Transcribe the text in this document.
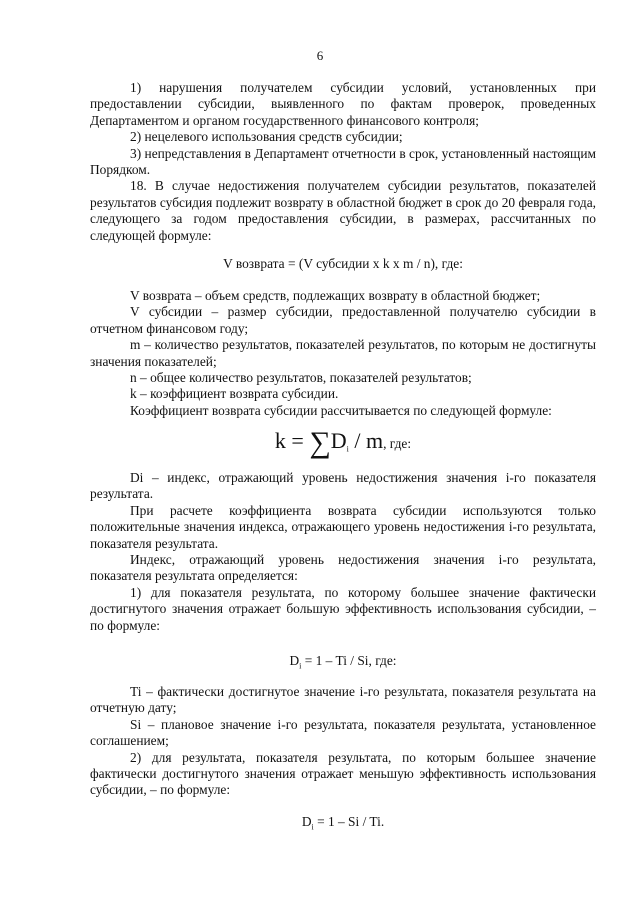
6

1) нарушения получателем субсидии условий, установленных при предоставлении субсидии, выявленного по фактам проверок, проведенных Департаментом и органом государственного финансового контроля;

2) нецелевого использования средств субсидии;

3) непредставления в Департамент отчетности в срок, установленный настоящим Порядком.

18. В случае недостижения получателем субсидии результатов, показателей результатов субсидия подлежит возврату в областной бюджет в срок до 20 февраля года, следующего за годом предоставления субсидии, в размерах, рассчитанных по следующей формуле:

V возврата = (V субсидии x k x m / n), где:

V возврата – объем средств, подлежащих возврату в областной бюджет;

V субсидии – размер субсидии, предоставленной получателю субсидии в отчетном финансовом году;

m – количество результатов, показателей результатов, по которым не достигнуты значения показателей;

n – общее количество результатов, показателей результатов;

k – коэффициент возврата субсидии.

Коэффициент возврата субсидии рассчитывается по следующей формуле:

$k = \sum D_i / m$, где:

Di – индекс, отражающий уровень недостижения значения i-го показателя результата.

При расчете коэффициента возврата субсидии используются только положительные значения индекса, отражающего уровень недостижения i-го результата, показателя результата.

Индекс, отражающий уровень недостижения значения i-го результата, показателя результата определяется:

1) для показателя результата, по которому большее значение фактически достигнутого значения отражает большую эффективность использования субсидии, – по формуле:

$D_i = 1 - Ti / Si$, где:

Ti – фактически достигнутое значение i-го результата, показателя результата на отчетную дату;

Si – плановое значение i-го результата, показателя результата, установленное соглашением;

2) для результата, показателя результата, по которым большее значение фактически достигнутого значения отражает меньшую эффективность использования субсидии, – по формуле:

$D_i = 1 - Si / Ti$.
